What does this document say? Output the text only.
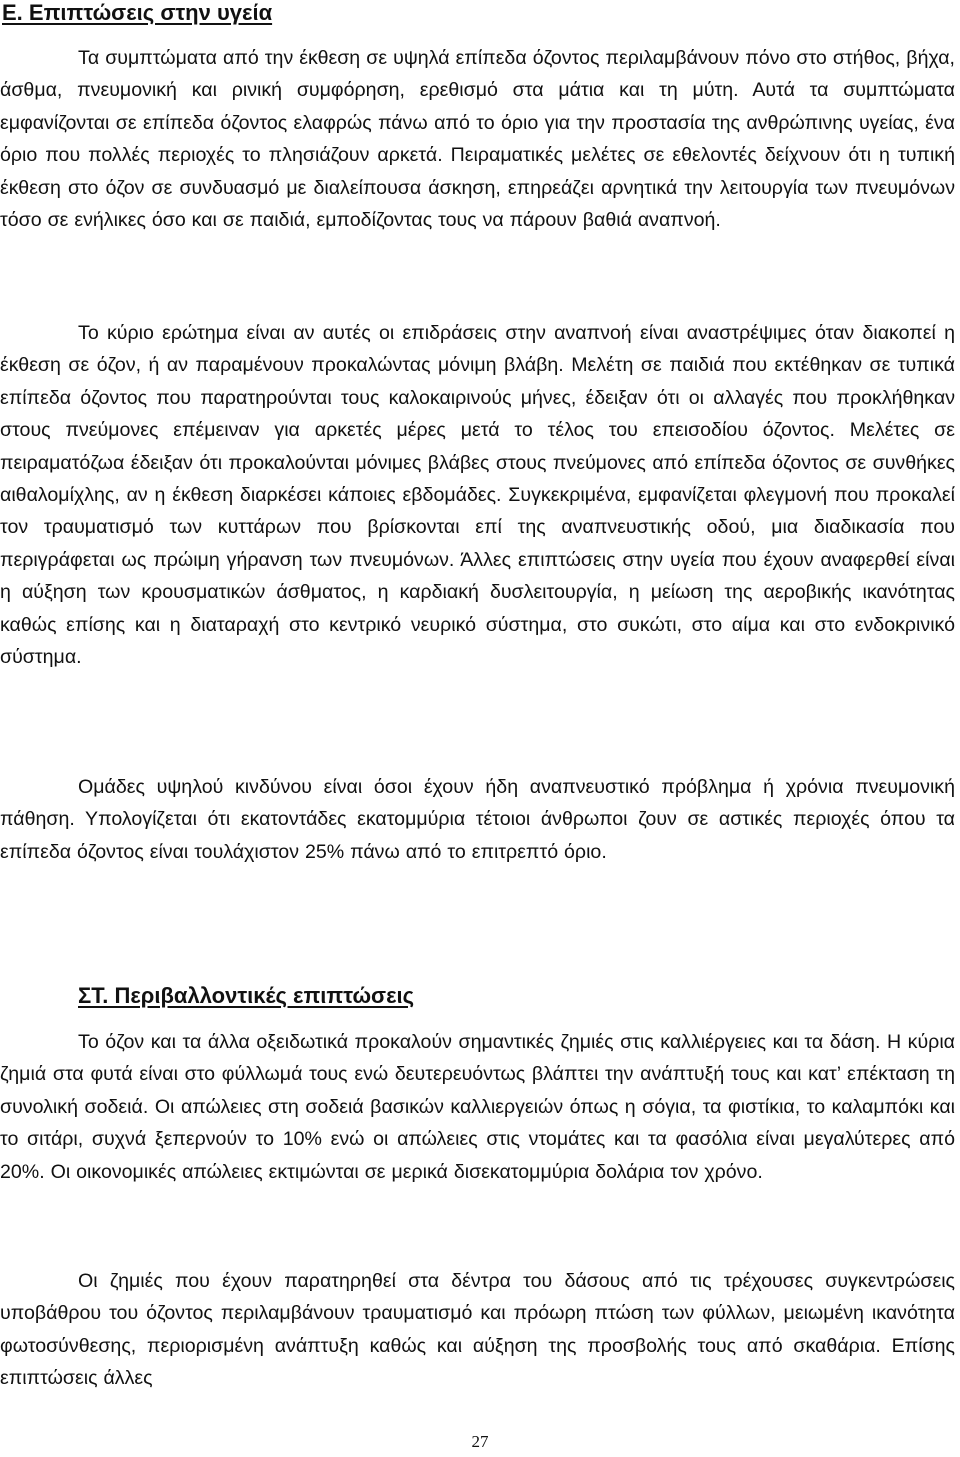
Ε. Επιπτώσεις στην υγεία

Τα συμπτώματα από την έκθεση σε υψηλά επίπεδα όζοντος περιλαμβάνουν πόνο στο στήθος, βήχα, άσθμα, πνευμονική και ρινική συμφόρηση, ερεθισμό στα μάτια και τη μύτη. Αυτά τα συμπτώματα εμφανίζονται σε επίπεδα όζοντος ελαφρώς πάνω από το όριο για την προστασία της ανθρώπινης υγείας, ένα όριο που πολλές περιοχές το πλησιάζουν αρκετά. Πειραματικές μελέτες σε εθελοντές δείχνουν ότι η τυπική έκθεση στο όζον σε συνδυασμό με διαλείπουσα άσκηση, επηρεάζει αρνητικά την λειτουργία των πνευμόνων τόσο σε ενήλικες όσο και σε παιδιά, εμποδίζοντας τους να πάρουν βαθιά αναπνοή.

Το κύριο ερώτημα είναι αν αυτές οι επιδράσεις στην αναπνοή είναι αναστρέψιμες όταν διακοπεί η έκθεση σε όζον, ή αν παραμένουν προκαλώντας μόνιμη βλάβη. Μελέτη σε παιδιά που εκτέθηκαν σε τυπικά επίπεδα όζοντος που παρατηρούνται τους καλοκαιρινούς μήνες, έδειξαν ότι οι αλλαγές που προκλήθηκαν στους πνεύμονες επέμειναν για αρκετές μέρες μετά το τέλος του επεισοδίου όζοντος. Μελέτες σε πειραματόζωα έδειξαν ότι προκαλούνται μόνιμες βλάβες στους πνεύμονες από επίπεδα όζοντος σε συνθήκες αιθαλομίχλης, αν η έκθεση διαρκέσει κάποιες εβδομάδες. Συγκεκριμένα, εμφανίζεται φλεγμονή που προκαλεί τον τραυματισμό των κυττάρων που βρίσκονται επί της αναπνευστικής οδού, μια διαδικασία που περιγράφεται ως πρώιμη γήρανση των πνευμόνων. Άλλες επιπτώσεις στην υγεία που έχουν αναφερθεί είναι η αύξηση των κρουσματικών άσθματος, η καρδιακή δυσλειτουργία, η μείωση της αεροβικής ικανότητας καθώς επίσης και η διαταραχή στο κεντρικό νευρικό σύστημα, στο συκώτι, στο αίμα και στο ενδοκρινικό σύστημα.

Ομάδες υψηλού κινδύνου είναι όσοι έχουν ήδη αναπνευστικό πρόβλημα ή χρόνια πνευμονική πάθηση. Υπολογίζεται ότι εκατοντάδες εκατομμύρια τέτοιοι άνθρωποι ζουν σε αστικές περιοχές όπου τα επίπεδα όζοντος είναι τουλάχιστον 25% πάνω από το επιτρεπτό όριο.

ΣΤ. Περιβαλλοντικές επιπτώσεις

Το όζον και τα άλλα οξειδωτικά προκαλούν σημαντικές ζημιές στις καλλιέργειες και τα δάση. Η κύρια ζημιά στα φυτά είναι στο φύλλωμά τους ενώ δευτερευόντως βλάπτει την ανάπτυξή τους και κατ’ επέκταση τη συνολική σοδειά. Οι απώλειες στη σοδειά βασικών καλλιεργειών όπως η σόγια, τα φιστίκια, το καλαμπόκι και το σιτάρι, συχνά ξεπερνούν το 10% ενώ οι απώλειες στις ντομάτες και τα φασόλια είναι μεγαλύτερες από 20%. Οι οικονομικές απώλειες εκτιμώνται σε μερικά δισεκατομμύρια δολάρια τον χρόνο.

Οι ζημιές που έχουν παρατηρηθεί στα δέντρα του δάσους από τις τρέχουσες συγκεντρώσεις υποβάθρου του όζοντος περιλαμβάνουν τραυματισμό και πρόωρη πτώση των φύλλων, μειωμένη ικανότητα φωτοσύνθεσης, περιορισμένη ανάπτυξη καθώς και αύξηση της προσβολής τους από σκαθάρια. Επίσης επιπτώσεις άλλες

27
